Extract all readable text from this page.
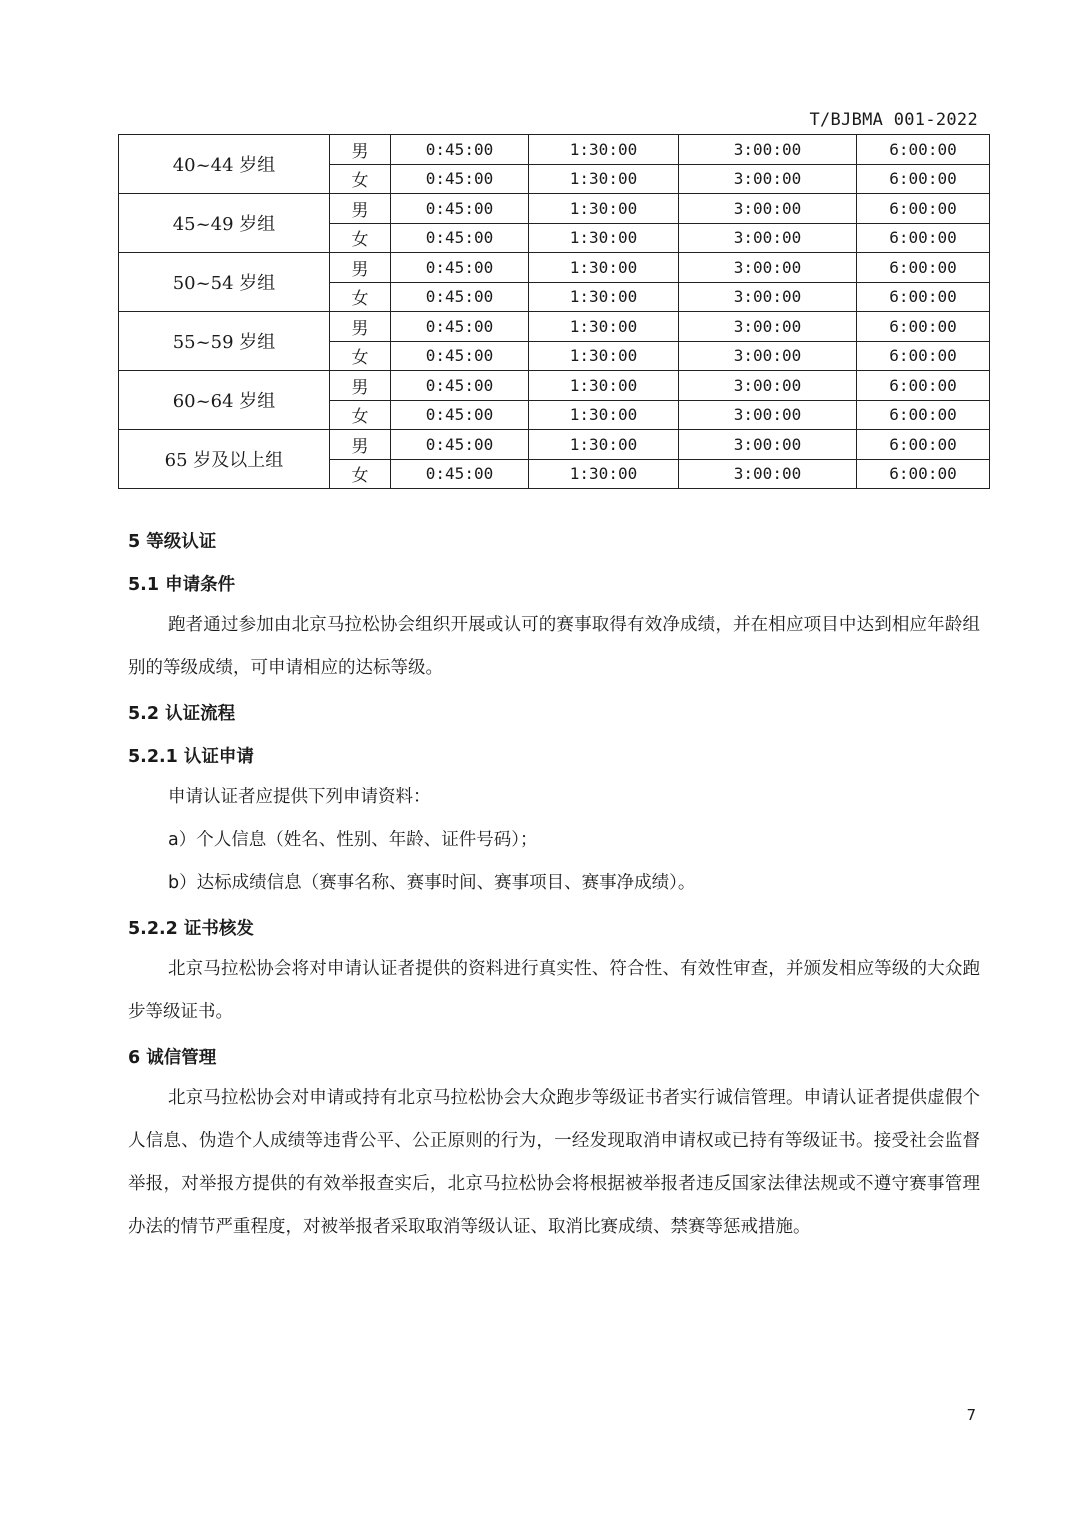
T/BJBMA 001-2022
40~44 岁组	男	0:45:00	1:30:00	3:00:00	6:00:00
	女	0:45:00	1:30:00	3:00:00	6:00:00
45~49 岁组	男	0:45:00	1:30:00	3:00:00	6:00:00
	女	0:45:00	1:30:00	3:00:00	6:00:00
50~54 岁组	男	0:45:00	1:30:00	3:00:00	6:00:00
	女	0:45:00	1:30:00	3:00:00	6:00:00
55~59 岁组	男	0:45:00	1:30:00	3:00:00	6:00:00
	女	0:45:00	1:30:00	3:00:00	6:00:00
60~64 岁组	男	0:45:00	1:30:00	3:00:00	6:00:00
	女	0:45:00	1:30:00	3:00:00	6:00:00
65 岁及以上组	男	0:45:00	1:30:00	3:00:00	6:00:00
	女	0:45:00	1:30:00	3:00:00	6:00:00
5 等级认证
5.1 申请条件
跑者通过参加由北京马拉松协会组织开展或认可的赛事取得有效净成绩，并在相应项目中达到相应年龄组别的等级成绩，可申请相应的达标等级。
5.2 认证流程
5.2.1 认证申请
申请认证者应提供下列申请资料：
a）个人信息（姓名、性别、年龄、证件号码）；
b）达标成绩信息（赛事名称、赛事时间、赛事项目、赛事净成绩）。
5.2.2 证书核发
北京马拉松协会将对申请认证者提供的资料进行真实性、符合性、有效性审查，并颁发相应等级的大众跑步等级证书。
6 诚信管理
北京马拉松协会对申请或持有北京马拉松协会大众跑步等级证书者实行诚信管理。申请认证者提供虚假个人信息、伪造个人成绩等违背公平、公正原则的行为，一经发现取消申请权或已持有等级证书。接受社会监督举报，对举报方提供的有效举报查实后，北京马拉松协会将根据被举报者违反国家法律法规或不遵守赛事管理办法的情节严重程度，对被举报者采取取消等级认证、取消比赛成绩、禁赛等惩戒措施。
7
